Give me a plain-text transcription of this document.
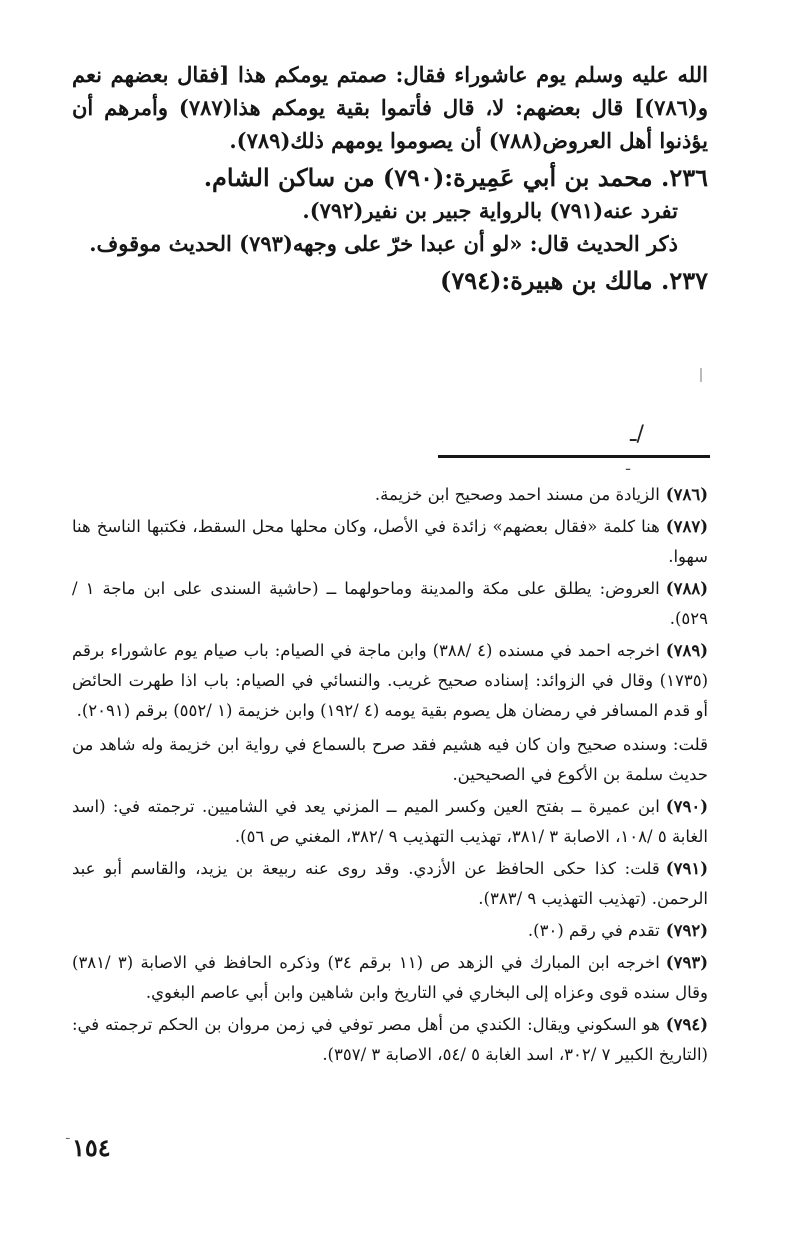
الله عليه وسلم يوم عاشوراء فقال: صمتم يومكم هذا [فقال بعضهم نعم و(٧٨٦)] قال بعضهم: لا، قال فأتموا بقية يومكم هذا(٧٨٧) وأمرهم أن يؤذنوا أهل العروض(٧٨٨) أن يصوموا يومهم ذلك(٧٨٩).

٢٣٦. محمد بن أبي عَمِيرة:(٧٩٠) من ساكن الشام.

تفرد عنه(٧٩١) بالرواية جبير بن نفير(٧٩٢).

ذكر الحديث قال: «لو أن عبدا خرّ على وجهه(٧٩٣) الحديث موقوف.

٢٣٧. مالك بن هبيرة:(٧٩٤)

ـ/
ـ

(٧٨٦)الزيادة من مسند احمد وصحيح ابن خزيمة.

(٧٨٧)هنا كلمة «فقال بعضهم» زائدة في الأصل، وكان محلها محل السقط، فكتبها الناسخ هنا سهوا.

(٧٨٨)العروض: يطلق على مكة والمدينة وماحولهما ــ (حاشية السندى على ابن ماجة ١ /٥٢٩).

(٧٨٩)اخرجه احمد في مسنده (٤ /٣٨٨) وابن ماجة في الصيام: باب صيام يوم عاشوراء برقم (١٧٣٥) وقال في الزوائد: إسناده صحيح غريب. والنسائي في الصيام: باب اذا طهرت الحائض أو قدم المسافر في رمضان هل يصوم بقية يومه (٤ /١٩٢) وابن خزيمة (١ /٥٥٢) برقم (٢٠٩١).

قلت: وسنده صحيح وان كان فيه هشيم فقد صرح بالسماع في رواية ابن خزيمة وله شاهد من حديث سلمة بن الأكوع في الصحيحين.

(٧٩٠)ابن عميرة ــ بفتح العين وكسر الميم ــ المزني يعد في الشاميين. ترجمته في: (اسد الغابة ٥ /١٠٨، الاصابة ٣ /٣٨١، تهذيب التهذيب ٩ /٣٨٢، المغني ص ٥٦).

(٧٩١)قلت: كذا حكى الحافظ عن الأزدي. وقد روى عنه ربيعة بن يزيد، والقاسم أبو عبد الرحمن. (تهذيب التهذيب ٩ /٣٨٣).

(٧٩٢)تقدم في رقم (٣٠).

(٧٩٣)اخرجه ابن المبارك في الزهد ص (١١ برقم ٣٤) وذكره الحافظ في الاصابة (٣ /٣٨١) وقال سنده قوى وعزاه إلى البخاري في التاريخ وابن شاهين وابن أبي عاصم البغوي.

(٧٩٤)هو السكوني ويقال: الكندي من أهل مصر توفي في زمن مروان بن الحكم ترجمته في: (التاريخ الكبير ٧ /٣٠٢، اسد الغابة ٥ /٥٤، الاصابة ٣ /٣٥٧).

ـ ١٥٤
